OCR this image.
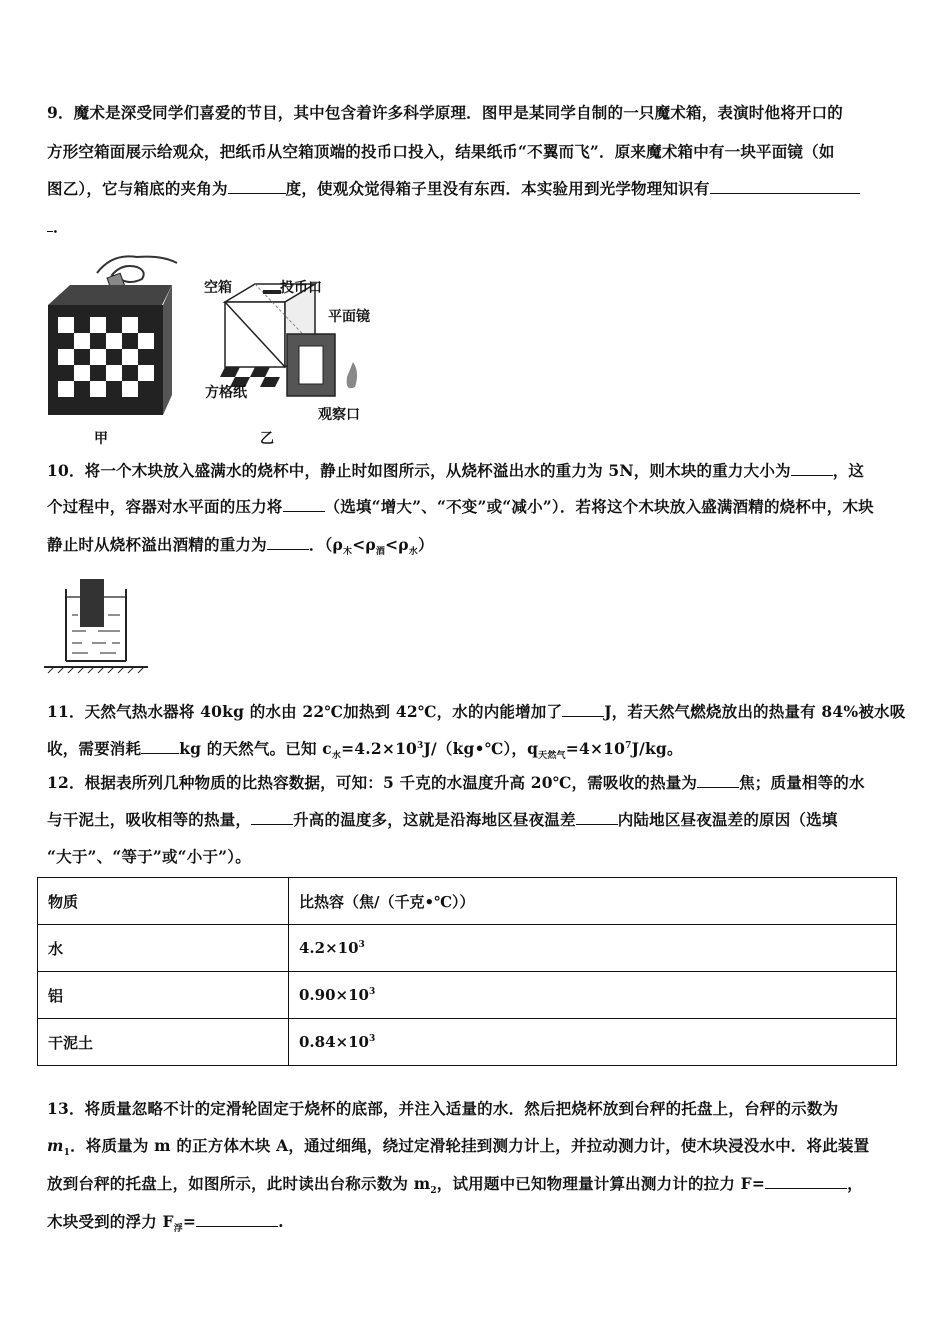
9．魔术是深受同学们喜爱的节目，其中包含着许多科学原理．图甲是某同学自制的一只魔术箱，表演时他将开口的
方形空箱面展示给观众，把纸币从空箱顶端的投币口投入，结果纸币“不翼而飞”．原来魔术箱中有一块平面镜（如
图乙），它与箱底的夹角为	度，使观众觉得箱子里没有东西．本实验用到光学物理知识有
．
甲
空箱	投币口
平面镜
方格纸
观察口
乙
10．将一个木块放入盛满水的烧杯中，静止时如图所示，从烧杯溢出水的重力为 5N，则木块的重力大小为	，这
个过程中，容器对水平面的压力将	（选填“增大”、“不变”或“减小”）．若将这个木块放入盛满酒精的烧杯中，木块
静止时从烧杯溢出酒精的重力为	．$(\rho_木<\rho_酒<\rho_水)$
11．天然气热水器将 40kg 的水由 22℃加热到 42℃，水的内能增加了	J，若天然气燃烧放出的热量有 84%被水吸
收，需要消耗 kg 的天然气。已知 $c_水=4.2\times 10^3J/(kg•℃)$，$q_{天然气}=4\times 10^7J/kg$。
12．根据表所列几种物质的比热容数据，可知：5 千克的水温度升高 20℃，需吸收的热量为	焦；质量相等的水
与干泥土，吸收相等的热量，	升高的温度多，这就是沿海地区昼夜温差	内陆地区昼夜温差的原因（选填
“大于”、“等于”或“小于”）。
物质	比热容（焦/（千克•℃））
水	$4.2\times 10^3$
铝	$0.90\times 10^3$
干泥土	$0.84\times 10^3$
13．将质量忽略不计的定滑轮固定于烧杯的底部，并注入适量的水．然后把烧杯放到台秤的托盘上，台秤的示数为
$m_1$．将质量为 m 的正方体木块 A，通过细绳，绕过定滑轮挂到测力计上，并拉动测力计，使木块浸没水中．将此装置
放到台秤的托盘上，如图所示，此时读出台称示数为 $m_2$，试用题中已知物理量计算出测力计的拉力 F=	，
木块受到的浮力 $F_浮=$	.
